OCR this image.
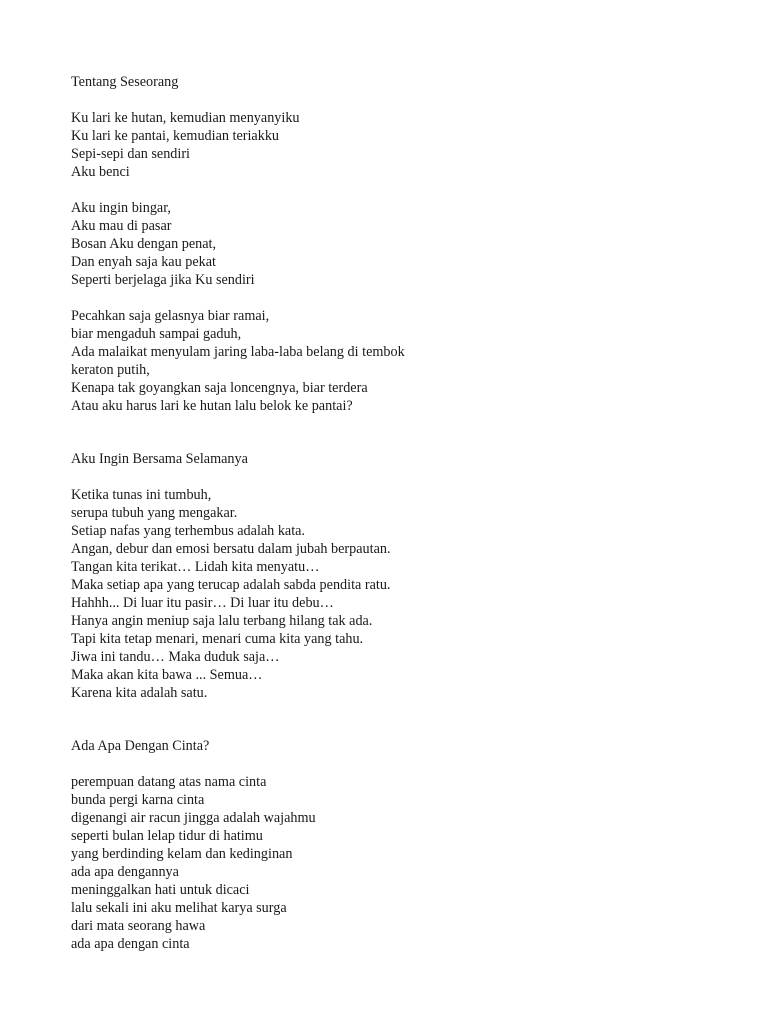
Tentang Seseorang
Ku lari ke hutan, kemudian menyanyiku
Ku lari ke pantai, kemudian teriakku
Sepi-sepi dan sendiri
Aku benci
Aku ingin bingar,
Aku mau di pasar
Bosan Aku dengan penat,
Dan enyah saja kau pekat
Seperti berjelaga jika Ku sendiri
Pecahkan saja gelasnya biar ramai,
biar mengaduh sampai gaduh,
Ada malaikat menyulam jaring laba-laba belang di tembok
keraton putih,
Kenapa tak goyangkan saja loncengnya, biar terdera
Atau aku harus lari ke hutan lalu belok ke pantai?
Aku Ingin Bersama Selamanya
Ketika tunas ini tumbuh,
serupa tubuh yang mengakar.
Setiap nafas yang terhembus adalah kata.
Angan, debur dan emosi bersatu dalam jubah berpautan.
Tangan kita terikat… Lidah kita menyatu…
Maka setiap apa yang terucap adalah sabda pendita ratu.
Hahhh... Di luar itu pasir… Di luar itu debu…
Hanya angin meniup saja lalu terbang hilang tak ada.
Tapi kita tetap menari, menari cuma kita yang tahu.
Jiwa ini tandu… Maka duduk saja…
Maka akan kita bawa ... Semua…
Karena kita adalah satu.
Ada Apa Dengan Cinta?
perempuan datang atas nama cinta
bunda pergi karna cinta
digenangi air racun jingga adalah wajahmu
seperti bulan lelap tidur di hatimu
yang berdinding kelam dan kedinginan
ada apa dengannya
meninggalkan hati untuk dicaci
lalu sekali ini aku melihat karya surga
dari mata seorang hawa
ada apa dengan cinta
